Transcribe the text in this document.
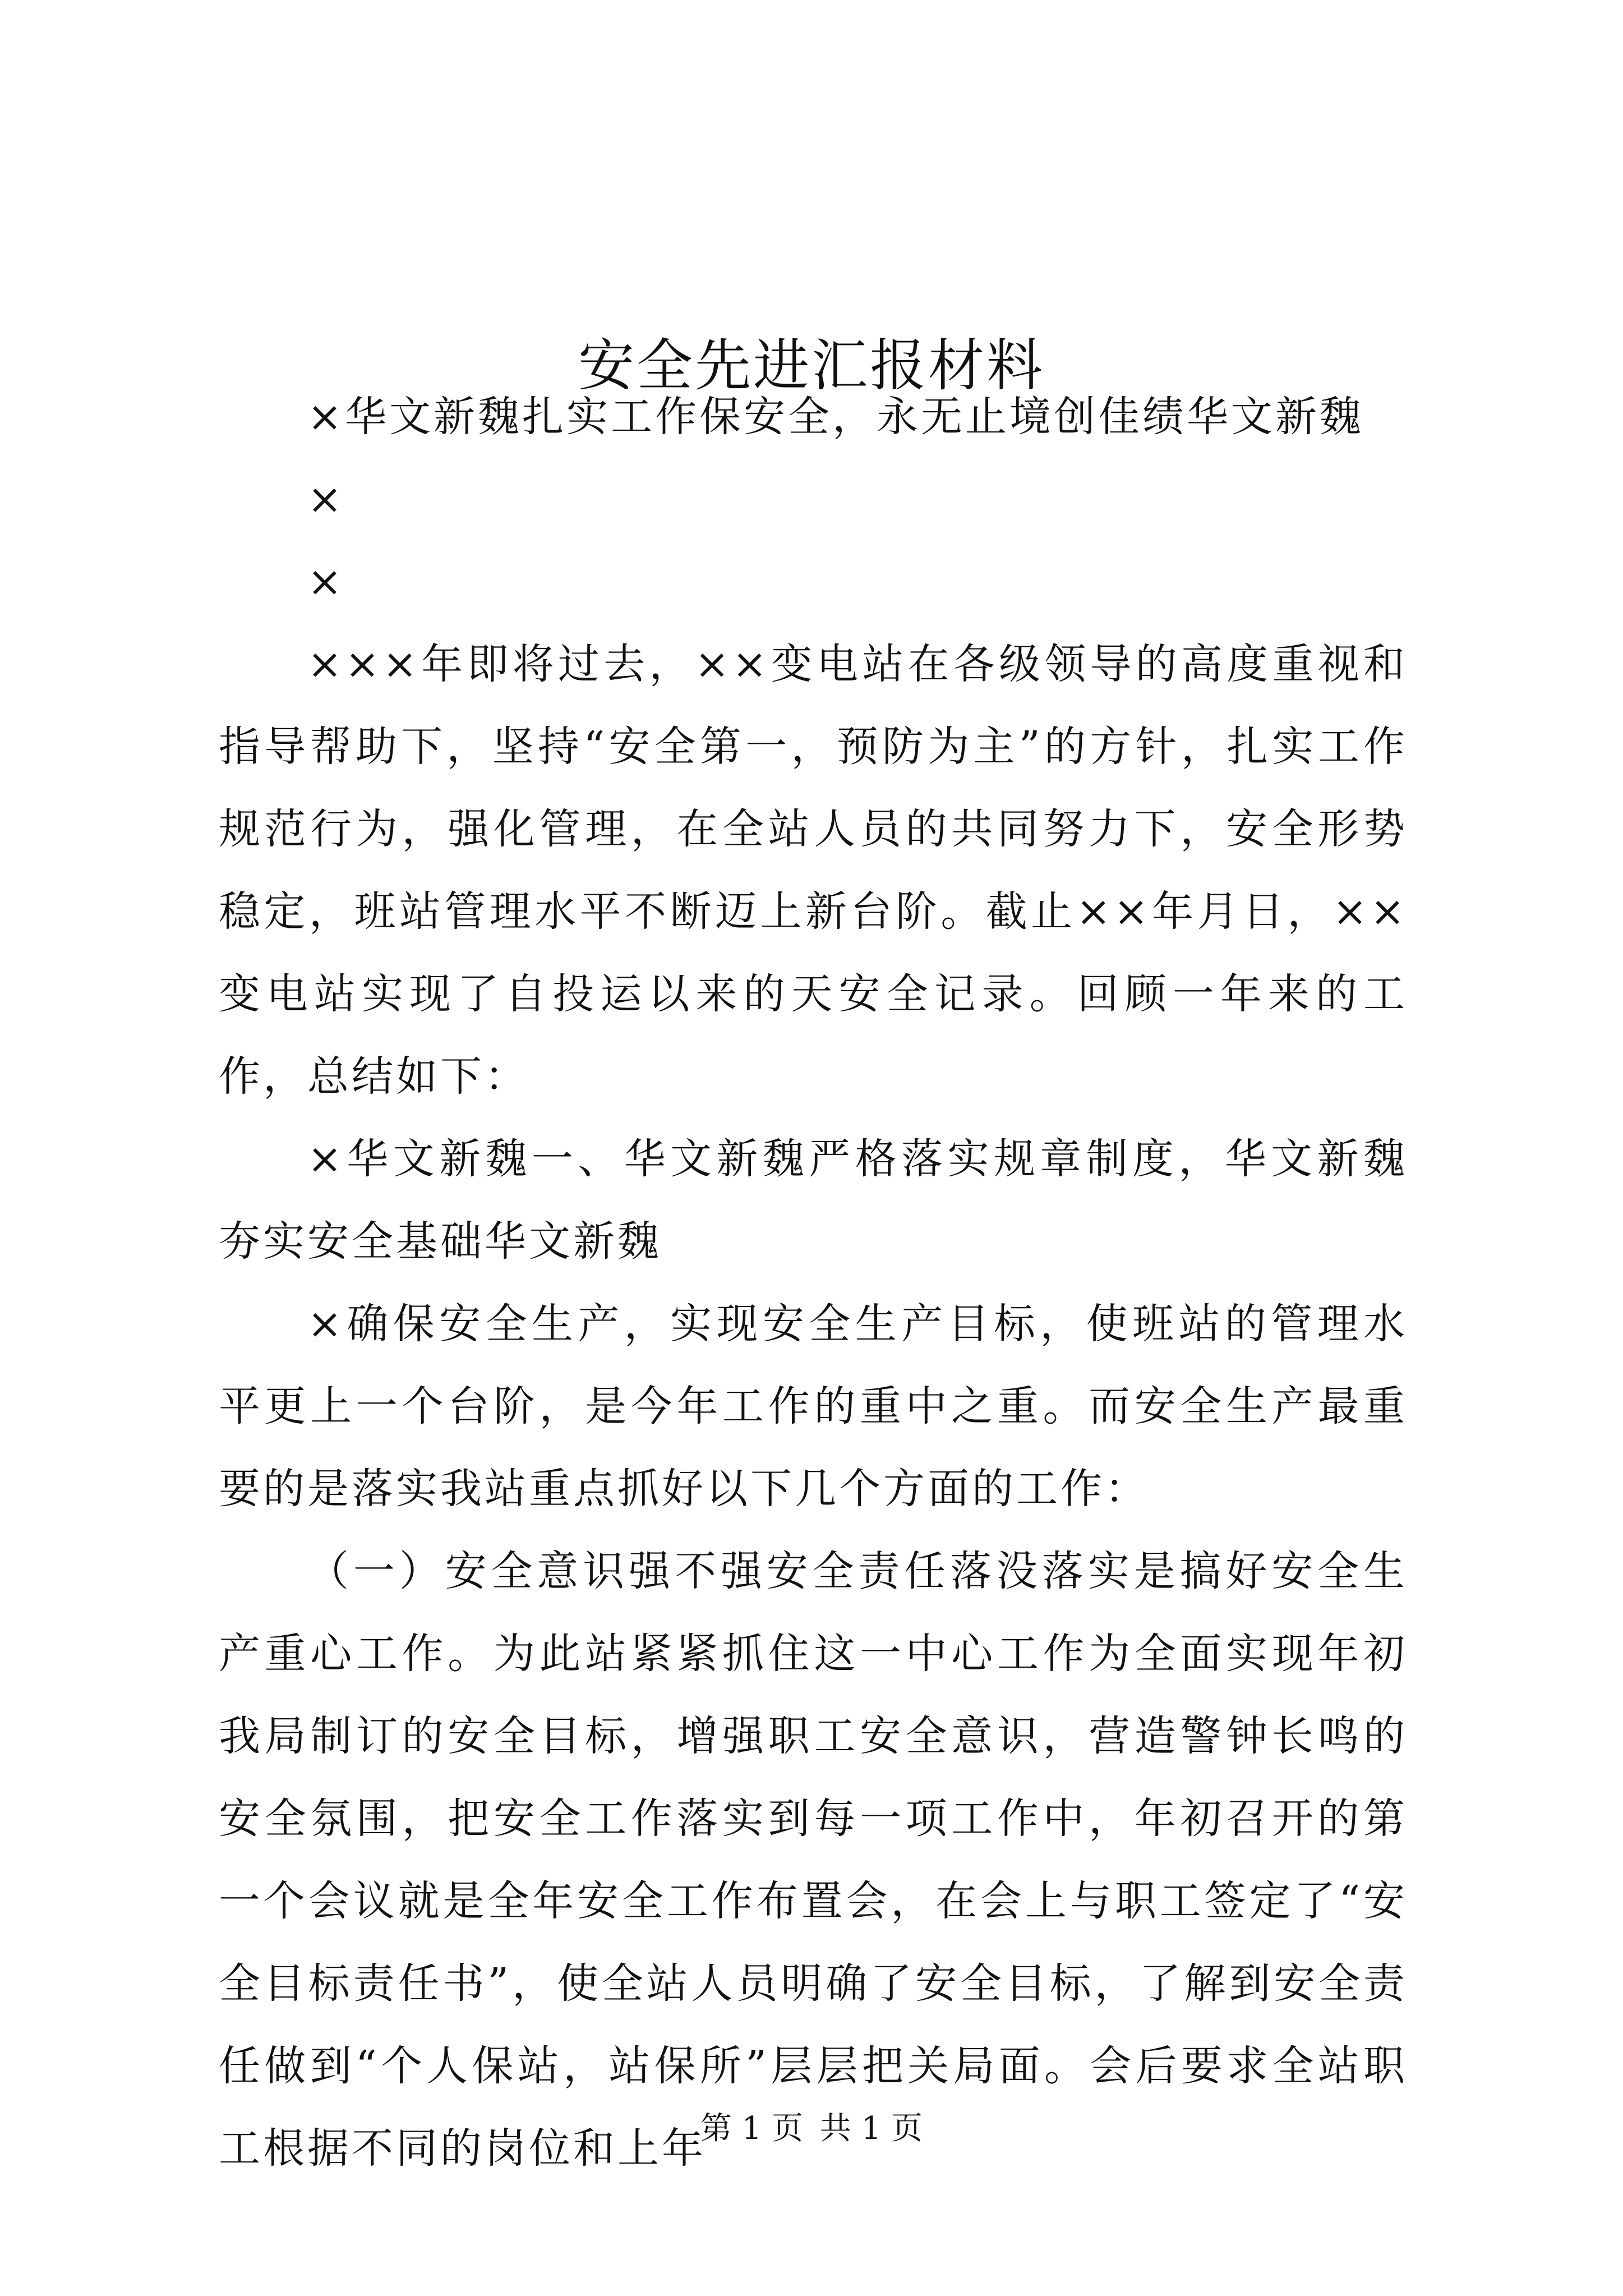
安全先进汇报材料

×华文新魏扎实工作保安全，永无止境创佳绩华文新魏

×

×

×××年即将过去，××变电站在各级领导的高度重视和指导帮助下，坚持“安全第一，预防为主”的方针，扎实工作规范行为，强化管理，在全站人员的共同努力下，安全形势稳定，班站管理水平不断迈上新台阶。截止××年月日，××变电站实现了自投运以来的天安全记录。回顾一年来的工作，总结如下：

×华文新魏一、华文新魏严格落实规章制度，华文新魏夯实安全基础华文新魏

×确保安全生产，实现安全生产目标，使班站的管理水平更上一个台阶，是今年工作的重中之重。而安全生产最重要的是落实我站重点抓好以下几个方面的工作：

（一）安全意识强不强安全责任落没落实是搞好安全生产重心工作。为此站紧紧抓住这一中心工作为全面实现年初我局制订的安全目标，增强职工安全意识，营造警钟长鸣的安全氛围，把安全工作落实到每一项工作中，年初召开的第一个会议就是全年安全工作布置会，在会上与职工签定了“安全目标责任书”，使全站人员明确了安全目标，了解到安全责任做到“个人保站，站保所”层层把关局面。会后要求全站职工根据不同的岗位和上年

第 1 页 共 1 页
